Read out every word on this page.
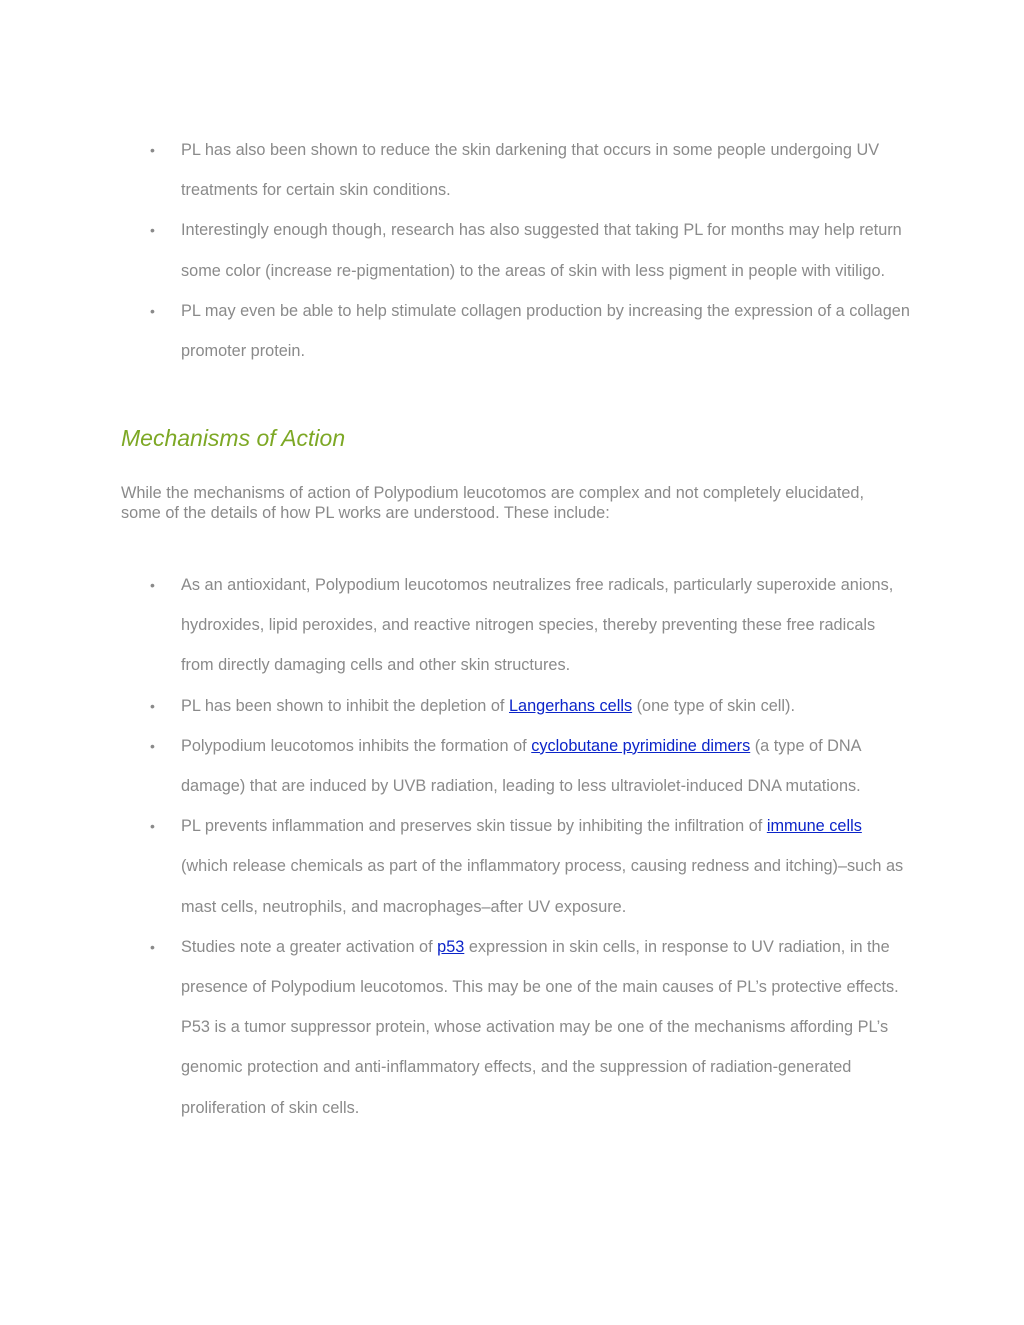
• PL has also been shown to reduce the skin darkening that occurs in some people undergoing UV treatments for certain skin conditions.
• Interestingly enough though, research has also suggested that taking PL for months may help return some color (increase re-pigmentation) to the areas of skin with less pigment in people with vitiligo.
• PL may even be able to help stimulate collagen production by increasing the expression of a collagen promoter protein.
Mechanisms of Action

While the mechanisms of action of Polypodium leucotomos are complex and not completely elucidated, some of the details of how PL works are understood. These include:

• As an antioxidant, Polypodium leucotomos neutralizes free radicals, particularly superoxide anions, hydroxides, lipid peroxides, and reactive nitrogen species, thereby preventing these free radicals from directly damaging cells and other skin structures.
• PL has been shown to inhibit the depletion of Langerhans cells (one type of skin cell).
• Polypodium leucotomos inhibits the formation of cyclobutane pyrimidine dimers (a type of DNA damage) that are induced by UVB radiation, leading to less ultraviolet-induced DNA mutations.
• PL prevents inflammation and preserves skin tissue by inhibiting the infiltration of immune cells (which release chemicals as part of the inflammatory process, causing redness and itching)–such as mast cells, neutrophils, and macrophages–after UV exposure.
• Studies note a greater activation of p53 expression in skin cells, in response to UV radiation, in the presence of Polypodium leucotomos. This may be one of the main causes of PL’s protective effects. P53 is a tumor suppressor protein, whose activation may be one of the mechanisms affording PL’s genomic protection and anti-inflammatory effects, and the suppression of radiation-generated proliferation of skin cells.
